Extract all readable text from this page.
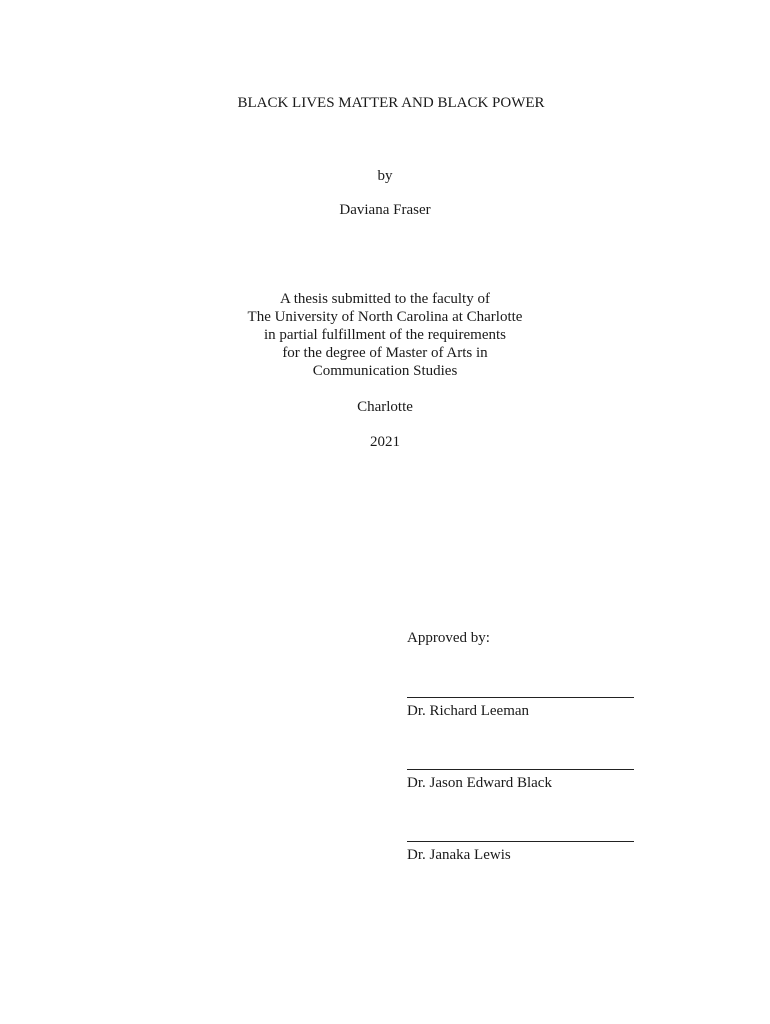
BLACK LIVES MATTER AND BLACK POWER
by
Daviana Fraser
A thesis submitted to the faculty of
The University of North Carolina at Charlotte
in partial fulfillment of the requirements
for the degree of Master of Arts in
Communication Studies
Charlotte
2021
Approved by:
Dr. Richard Leeman
Dr. Jason Edward Black
Dr. Janaka Lewis
